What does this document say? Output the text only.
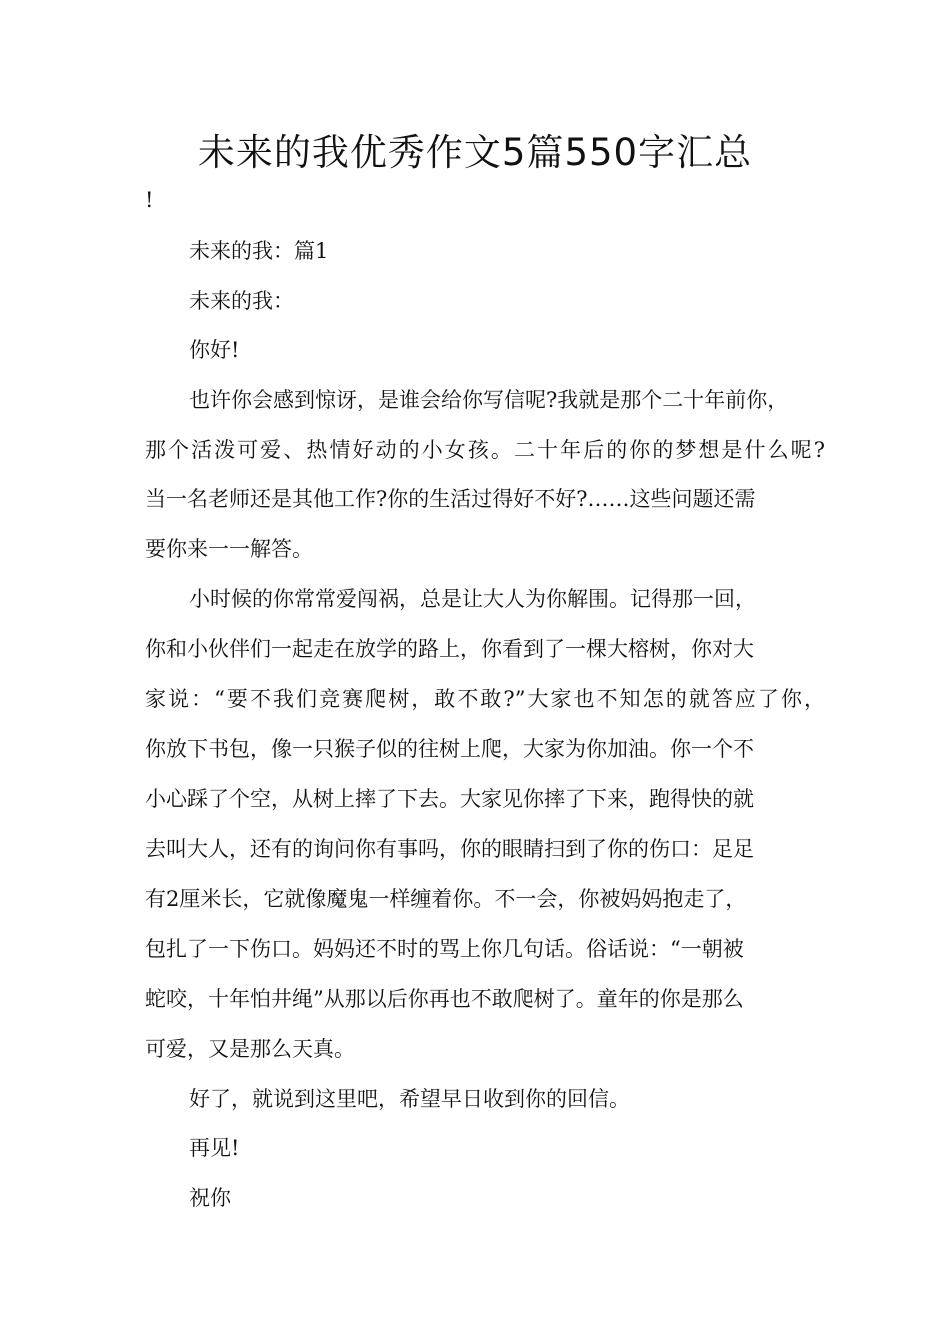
未来的我优秀作文5篇550字汇总
!
未来的我：篇1
未来的我：
你好!
也许你会感到惊讶，是谁会给你写信呢?我就是那个二十年前你，
那个活泼可爱、热情好动的小女孩。二十年后的你的梦想是什么呢?
当一名老师还是其他工作?你的生活过得好不好?……这些问题还需
要你来一一解答。
小时候的你常常爱闯祸，总是让大人为你解围。记得那一回，
你和小伙伴们一起走在放学的路上，你看到了一棵大榕树，你对大
家说：“要不我们竞赛爬树，敢不敢?”大家也不知怎的就答应了你，
你放下书包，像一只猴子似的往树上爬，大家为你加油。你一个不
小心踩了个空，从树上摔了下去。大家见你摔了下来，跑得快的就
去叫大人，还有的询问你有事吗，你的眼睛扫到了你的伤口：足足
有2厘米长，它就像魔鬼一样缠着你。不一会，你被妈妈抱走了，
包扎了一下伤口。妈妈还不时的骂上你几句话。俗话说：“一朝被
蛇咬，十年怕井绳”从那以后你再也不敢爬树了。童年的你是那么
可爱，又是那么天真。
好了，就说到这里吧，希望早日收到你的回信。
再见!
祝你
